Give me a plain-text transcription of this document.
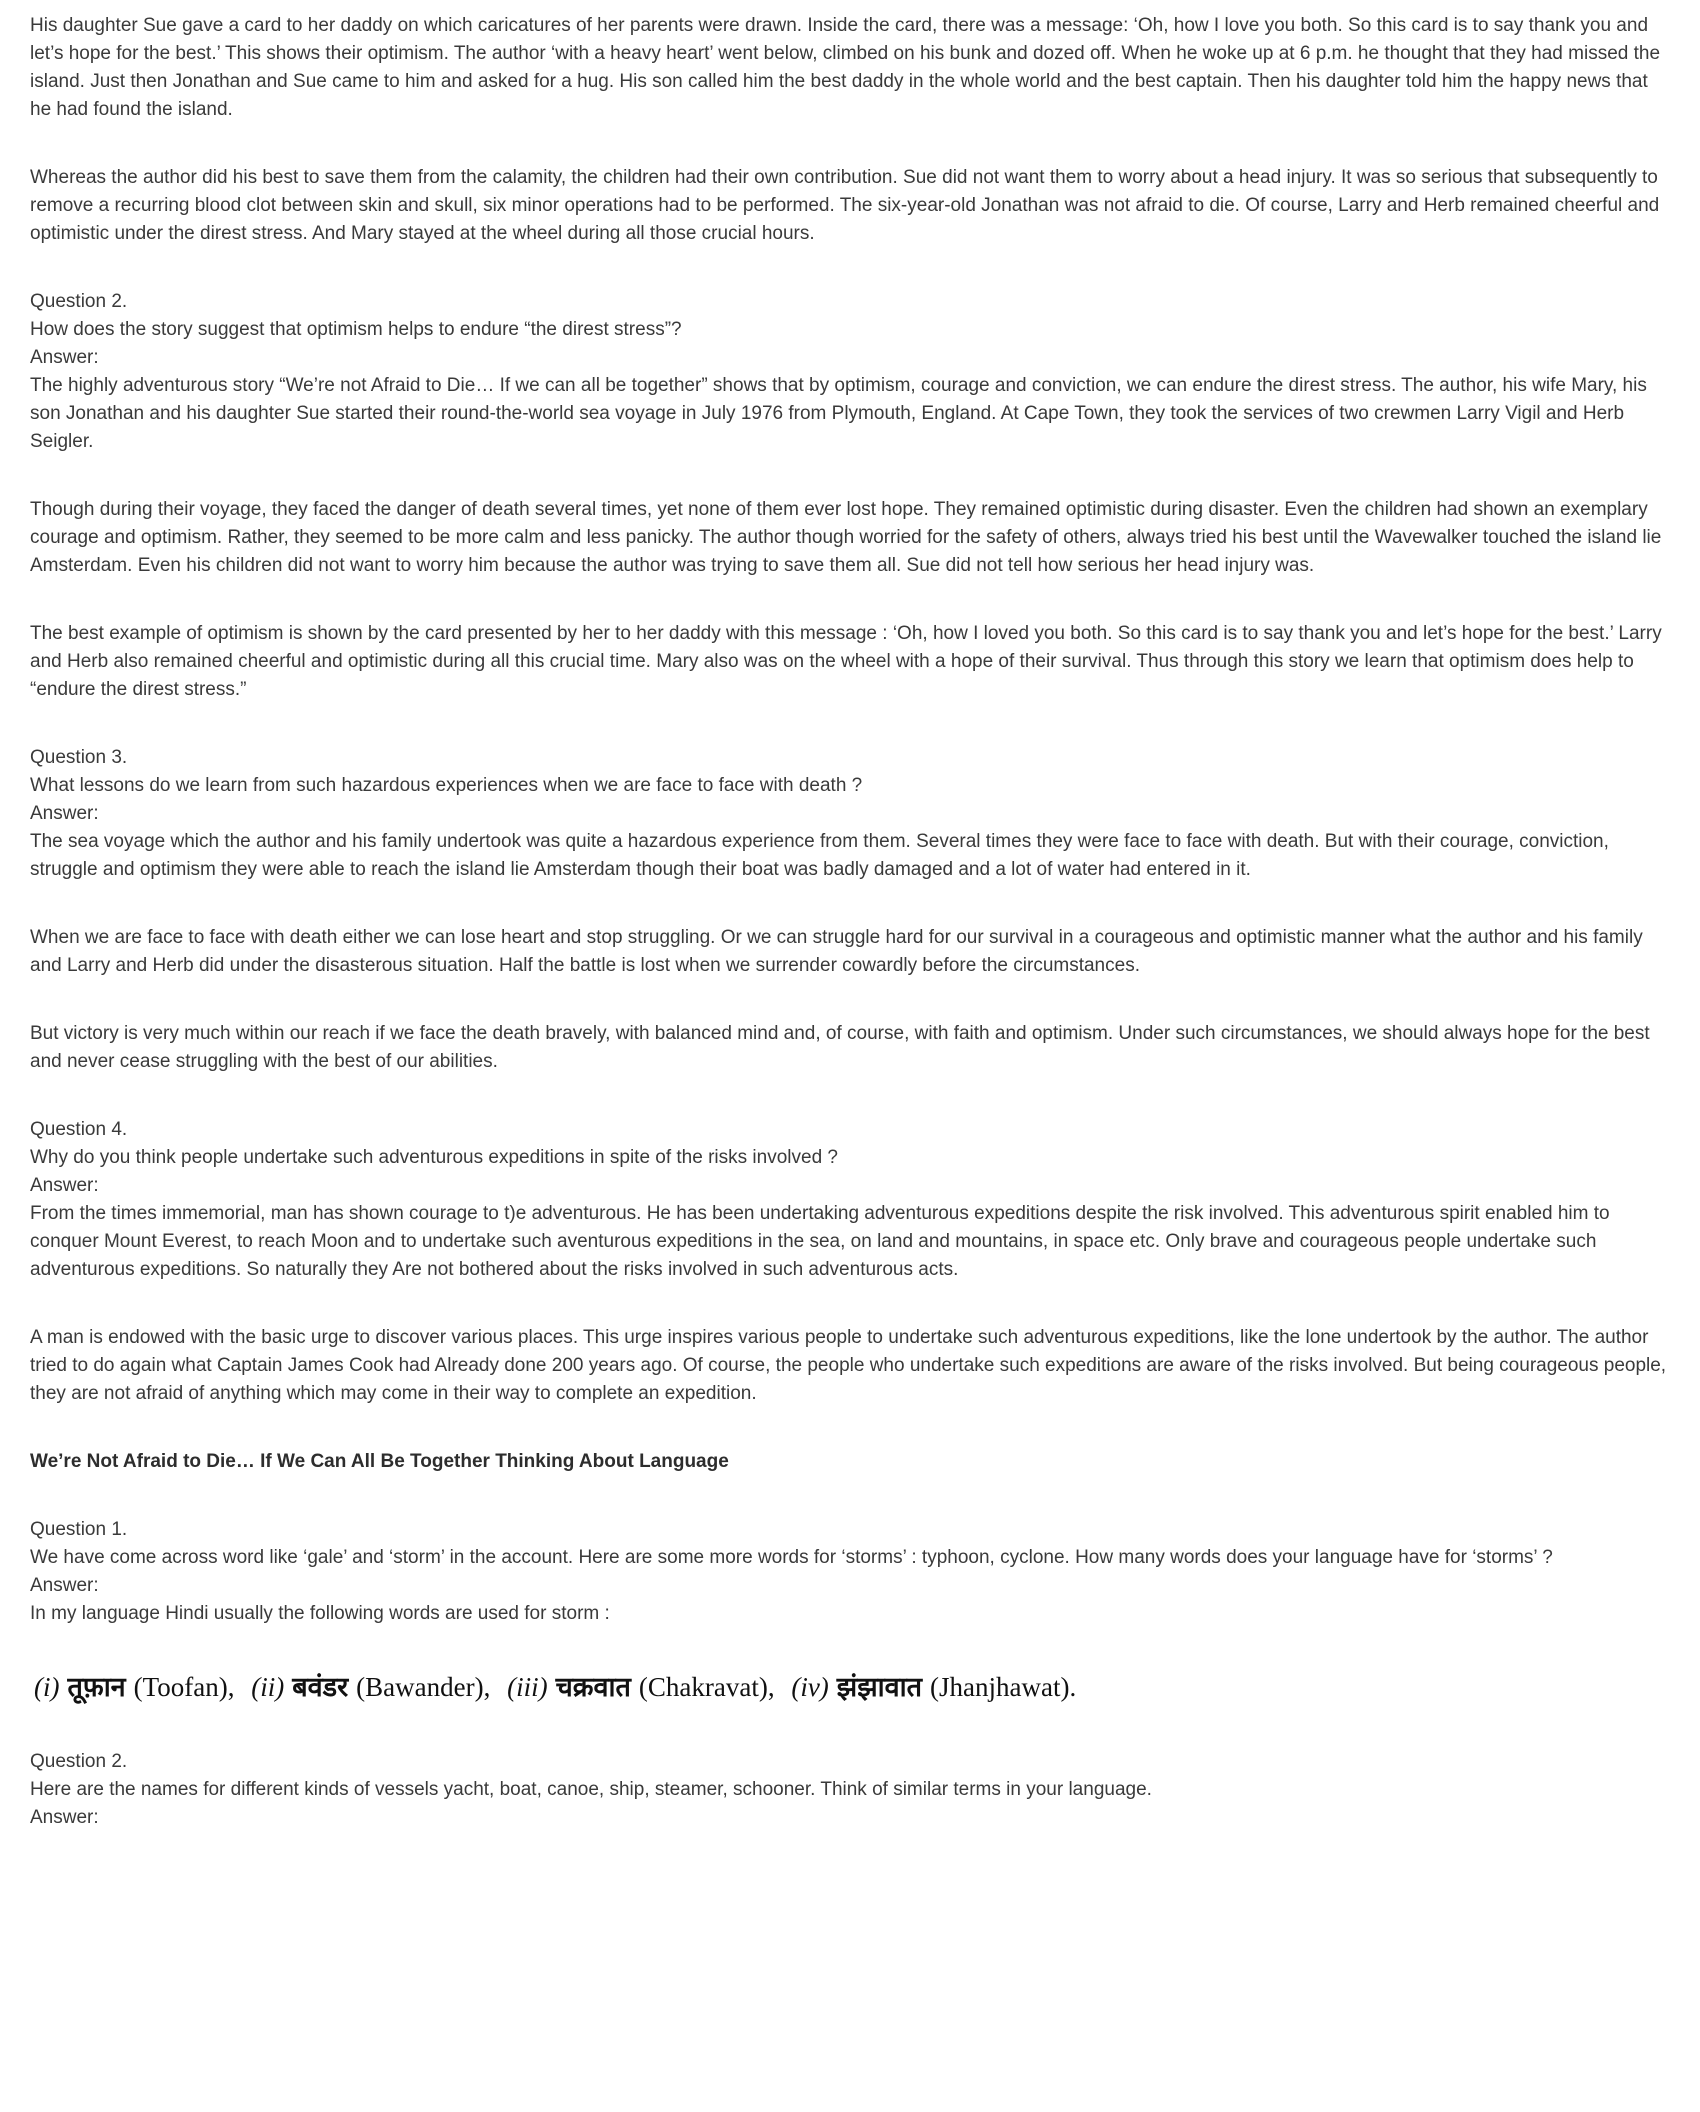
His daughter Sue gave a card to her daddy on which caricatures of her parents were drawn. Inside the card, there was a message: ‘Oh, how I love you both. So this card is to say thank you and let’s hope for the best.’ This shows their optimism. The author ‘with a heavy heart’ went below, climbed on his bunk and dozed off. When he woke up at 6 p.m. he thought that they had missed the island. Just then Jonathan and Sue came to him and asked for a hug. His son called him the best daddy in the whole world and the best captain. Then his daughter told him the happy news that he had found the island.
Whereas the author did his best to save them from the calamity, the children had their own contribution. Sue did not want them to worry about a head injury. It was so serious that subsequently to remove a recurring blood clot between skin and skull, six minor operations had to be performed. The six-year-old Jonathan was not afraid to die. Of course, Larry and Herb remained cheerful and optimistic under the direst stress. And Mary stayed at the wheel during all those crucial hours.
Question 2.
How does the story suggest that optimism helps to endure “the direst stress”?
Answer:
The highly adventurous story “We’re not Afraid to Die… If we can all be together” shows that by optimism, courage and conviction, we can endure the direst stress. The author, his wife Mary, his son Jonathan and his daughter Sue started their round-the-world sea voyage in July 1976 from Plymouth, England. At Cape Town, they took the services of two crewmen Larry Vigil and Herb Seigler.
Though during their voyage, they faced the danger of death several times, yet none of them ever lost hope. They remained optimistic during disaster. Even the children had shown an exemplary courage and optimism. Rather, they seemed to be more calm and less panicky. The author though worried for the safety of others, always tried his best until the Wavewalker touched the island lie Amsterdam. Even his children did not want to worry him because the author was trying to save them all. Sue did not tell how serious her head injury was.
The best example of optimism is shown by the card presented by her to her daddy with this message : ‘Oh, how I loved you both. So this card is to say thank you and let’s hope for the best.’ Larry and Herb also remained cheerful and optimistic during all this crucial time. Mary also was on the wheel with a hope of their survival. Thus through this story we learn that optimism does help to “endure the direst stress.”
Question 3.
What lessons do we learn from such hazardous experiences when we are face to face with death ?
Answer:
The sea voyage which the author and his family undertook was quite a hazardous experience from them. Several times they were face to face with death. But with their courage, conviction, struggle and optimism they were able to reach the island lie Amsterdam though their boat was badly damaged and a lot of water had entered in it.
When we are face to face with death either we can lose heart and stop struggling. Or we can struggle hard for our survival in a courageous and optimistic manner what the author and his family and Larry and Herb did under the disasterous situation. Half the battle is lost when we surrender cowardly before the circumstances.
But victory is very much within our reach if we face the death bravely, with balanced mind and, of course, with faith and optimism. Under such circumstances, we should always hope for the best and never cease struggling with the best of our abilities.
Question 4.
Why do you think people undertake such adventurous expeditions in spite of the risks involved ?
Answer:
From the times immemorial, man has shown courage to t)e adventurous. He has been undertaking adventurous expeditions despite the risk involved. This adventurous spirit enabled him to conquer Mount Everest, to reach Moon and to undertake such aventurous expeditions in the sea, on land and mountains, in space etc. Only brave and courageous people undertake such adventurous expeditions. So naturally they Are not bothered about the risks involved in such adventurous acts.
A man is endowed with the basic urge to discover various places. This urge inspires various people to undertake such adventurous expeditions, like the lone undertook by the author. The author tried to do again what Captain James Cook had Already done 200 years ago. Of course, the people who undertake such expeditions are aware of the risks involved. But being courageous people, they are not afraid of anything which may come in their way to complete an expedition.
We’re Not Afraid to Die… If We Can All Be Together Thinking About Language
Question 1.
We have come across word like ‘gale’ and ‘storm’ in the account. Here are some more words for ‘storms’ : typhoon, cyclone. How many words does your language have for ‘storms’ ?
Answer:
In my language Hindi usually the following words are used for storm :
(i) तूफ़ान (Toofan), (ii) बवंडर (Bawander), (iii) चक्रवात (Chakravat), (iv) झंझावात (Jhanjhawat).
Question 2.
Here are the names for different kinds of vessels yacht, boat, canoe, ship, steamer, schooner. Think of similar terms in your language.
Answer:
